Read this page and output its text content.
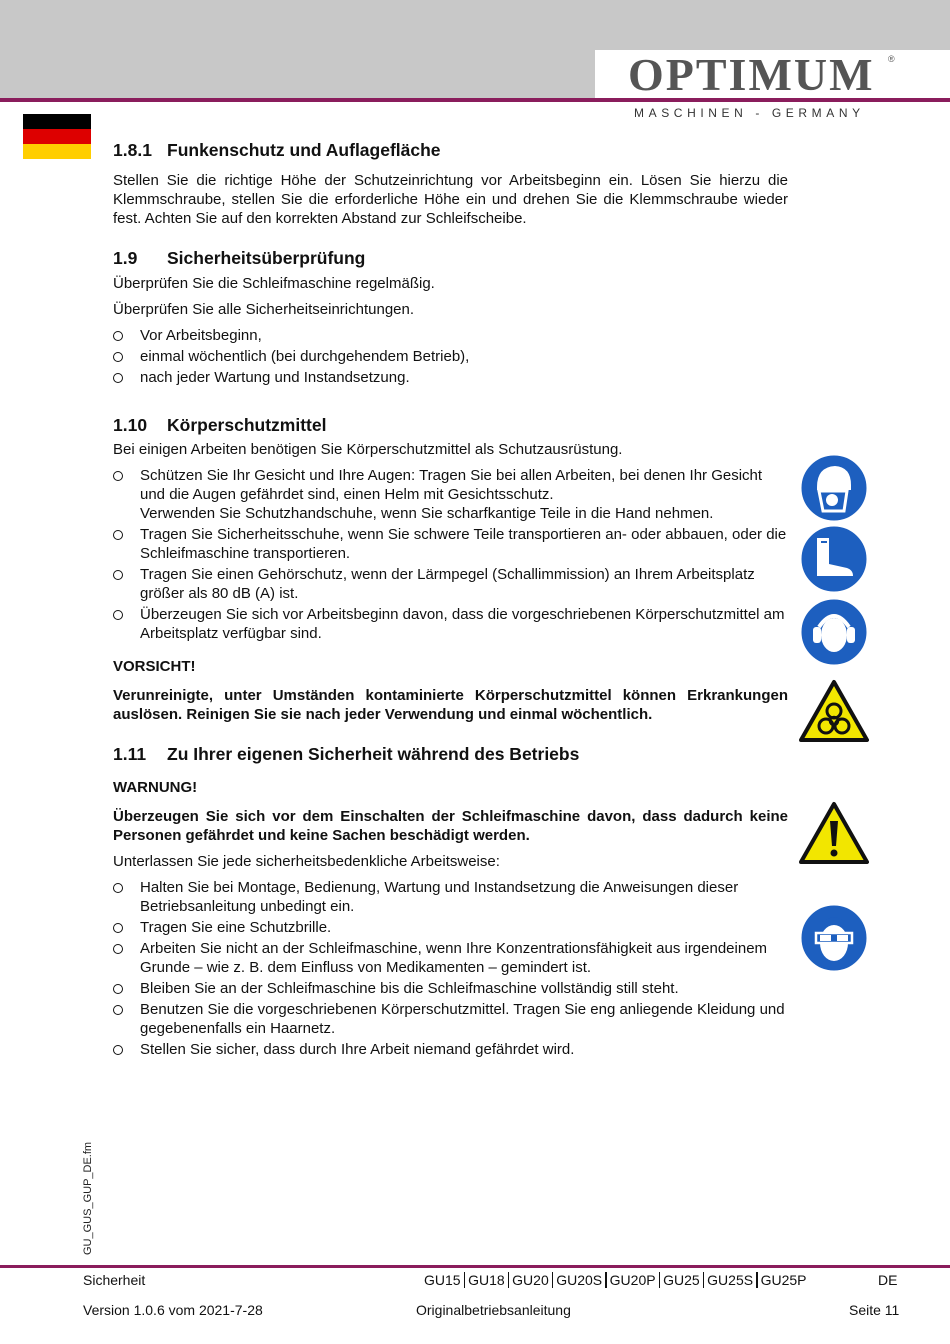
OPTIMUM	®
MASCHINEN - GERMANY
1.8.1 Funkenschutz und Auflagefläche

Stellen Sie die richtige Höhe der Schutzeinrichtung vor Arbeitsbeginn ein. Lösen Sie hierzu die Klemmschraube, stellen Sie die erforderliche Höhe ein und drehen Sie die Klemmschraube wieder fest. Achten Sie auf den korrekten Abstand zur Schleifscheibe.

1.9 Sicherheitsüberprüfung

Überprüfen Sie die Schleifmaschine regelmäßig.

Überprüfen Sie alle Sicherheitseinrichtungen.

Vor Arbeitsbeginn,
einmal wöchentlich (bei durchgehendem Betrieb),
nach jeder Wartung und Instandsetzung.
1.10 Körperschutzmittel

Bei einigen Arbeiten benötigen Sie Körperschutzmittel als Schutzausrüstung.

Schützen Sie Ihr Gesicht und Ihre Augen: Tragen Sie bei allen Arbeiten, bei denen Ihr Gesicht und die Augen gefährdet sind, einen Helm mit Gesichtsschutz.
Verwenden Sie Schutzhandschuhe, wenn Sie scharfkantige Teile in die Hand nehmen.
Tragen Sie Sicherheitsschuhe, wenn Sie schwere Teile transportieren an- oder abbauen, oder die Schleifmaschine transportieren.
Tragen Sie einen Gehörschutz, wenn der Lärmpegel (Schallimmission) an Ihrem Arbeitsplatz größer als 80 dB (A) ist.
Überzeugen Sie sich vor Arbeitsbeginn davon, dass die vorgeschriebenen Körperschutzmittel am Arbeitsplatz verfügbar sind.

VORSICHT!

Verunreinigte, unter Umständen kontaminierte Körperschutzmittel können Erkrankungen auslösen. Reinigen Sie sie nach jeder Verwendung und einmal wöchentlich.

1.11 Zu Ihrer eigenen Sicherheit während des Betriebs

WARNUNG!

Überzeugen Sie sich vor dem Einschalten der Schleifmaschine davon, dass dadurch keine Personen gefährdet und keine Sachen beschädigt werden.

Unterlassen Sie jede sicherheitsbedenkliche Arbeitsweise:

Halten Sie bei Montage, Bedienung, Wartung und Instandsetzung die Anweisungen dieser Betriebsanleitung unbedingt ein.
Tragen Sie eine Schutzbrille.
Arbeiten Sie nicht an der Schleifmaschine, wenn Ihre Konzentrationsfähigkeit aus irgendeinem Grunde – wie z. B. dem Einfluss von Medikamenten – gemindert ist.
Bleiben Sie an der Schleifmaschine bis die Schleifmaschine vollständig still steht.
Benutzen Sie die vorgeschriebenen Körperschutzmittel. Tragen Sie eng anliegende Kleidung und gegebenenfalls ein Haarnetz.
Stellen Sie sicher, dass durch Ihre Arbeit niemand gefährdet wird.
GU_GUS_GUP_DE.fm
Sicherheit	GU15 GU18 GU20 GU20S GU20P GU25 GU25S GU25P	DE
Version 1.0.6 vom 2021-7-28	Originalbetriebsanleitung	Seite 11
